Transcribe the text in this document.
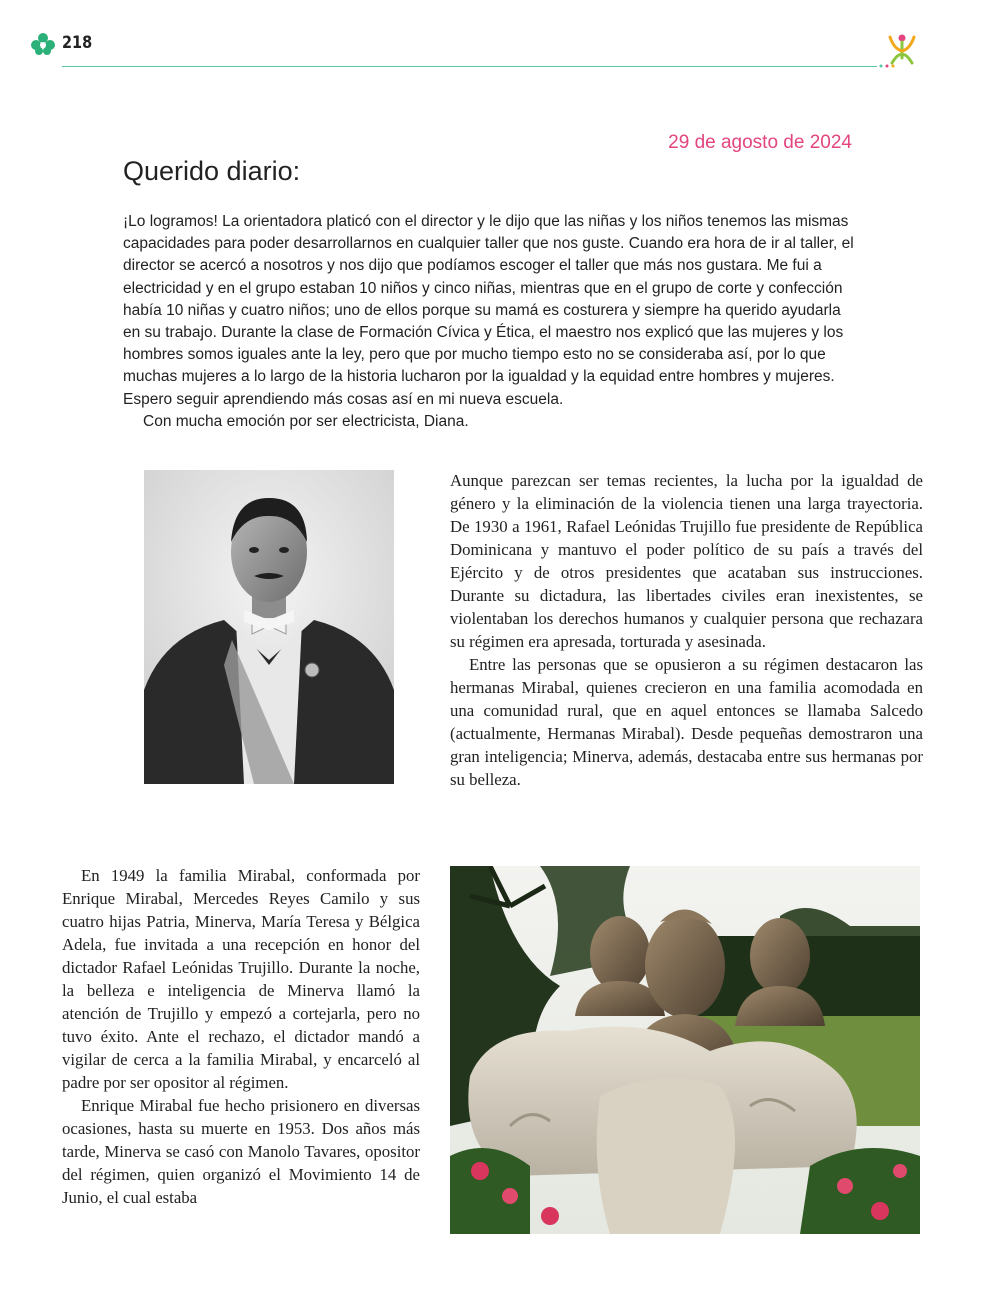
218
29 de agosto de 2024
Querido diario:

¡Lo logramos! La orientadora platicó con el director y le dijo que las niñas y los niños tenemos las mismas capacidades para poder desarrollarnos en cualquier taller que nos guste. Cuando era hora de ir al taller, el director se acercó a nosotros y nos dijo que podíamos escoger el taller que más nos gustara. Me fui a electricidad y en el grupo estaban 10 niños y cinco niñas, mientras que en el grupo de corte y confección había 10 niñas y cuatro niños; uno de ellos porque su mamá es costurera y siempre ha querido ayudarla en su trabajo. Durante la clase de Formación Cívica y Ética, el maestro nos explicó que las mujeres y los hombres somos iguales ante la ley, pero que por mucho tiempo esto no se consideraba así, por lo que muchas mujeres a lo largo de la historia lucharon por la igualdad y la equidad entre hombres y mujeres. Espero seguir aprendiendo más cosas así en mi nueva escuela.

Con mucha emoción por ser electricista, Diana.

Aunque parezcan ser temas recientes, la lucha por la igualdad de género y la eliminación de la violencia tienen una larga trayectoria. De 1930 a 1961, Rafael Leónidas Trujillo fue presidente de República Dominicana y mantuvo el poder político de su país a través del Ejército y de otros presidentes que acataban sus instrucciones. Durante su dictadura, las libertades civiles eran inexistentes, se violentaban los derechos humanos y cualquier persona que rechazara su régimen era apresada, torturada y asesinada.

Entre las personas que se opusieron a su régimen destacaron las hermanas Mirabal, quienes crecieron en una familia acomodada en una comunidad rural, que en aquel entonces se llamaba Salcedo (actualmente, Hermanas Mirabal). Desde pequeñas demostraron una gran inteligencia; Minerva, además, destacaba entre sus hermanas por su belleza.

En 1949 la familia Mirabal, conformada por Enrique Mirabal, Mercedes Reyes Camilo y sus cuatro hijas Patria, Minerva, María Teresa y Bélgica Adela, fue invitada a una recepción en honor del dictador Rafael Leónidas Trujillo. Durante la noche, la belleza e inteligencia de Minerva llamó la atención de Trujillo y empezó a cortejarla, pero no tuvo éxito. Ante el rechazo, el dictador mandó a vigilar de cerca a la familia Mirabal, y encarceló al padre por ser opositor al régimen.

Enrique Mirabal fue hecho prisionero en diversas ocasiones, hasta su muerte en 1953. Dos años más tarde, Minerva se casó con Manolo Tavares, opositor del régimen, quien organizó el Movimiento 14 de Junio, el cual estaba
